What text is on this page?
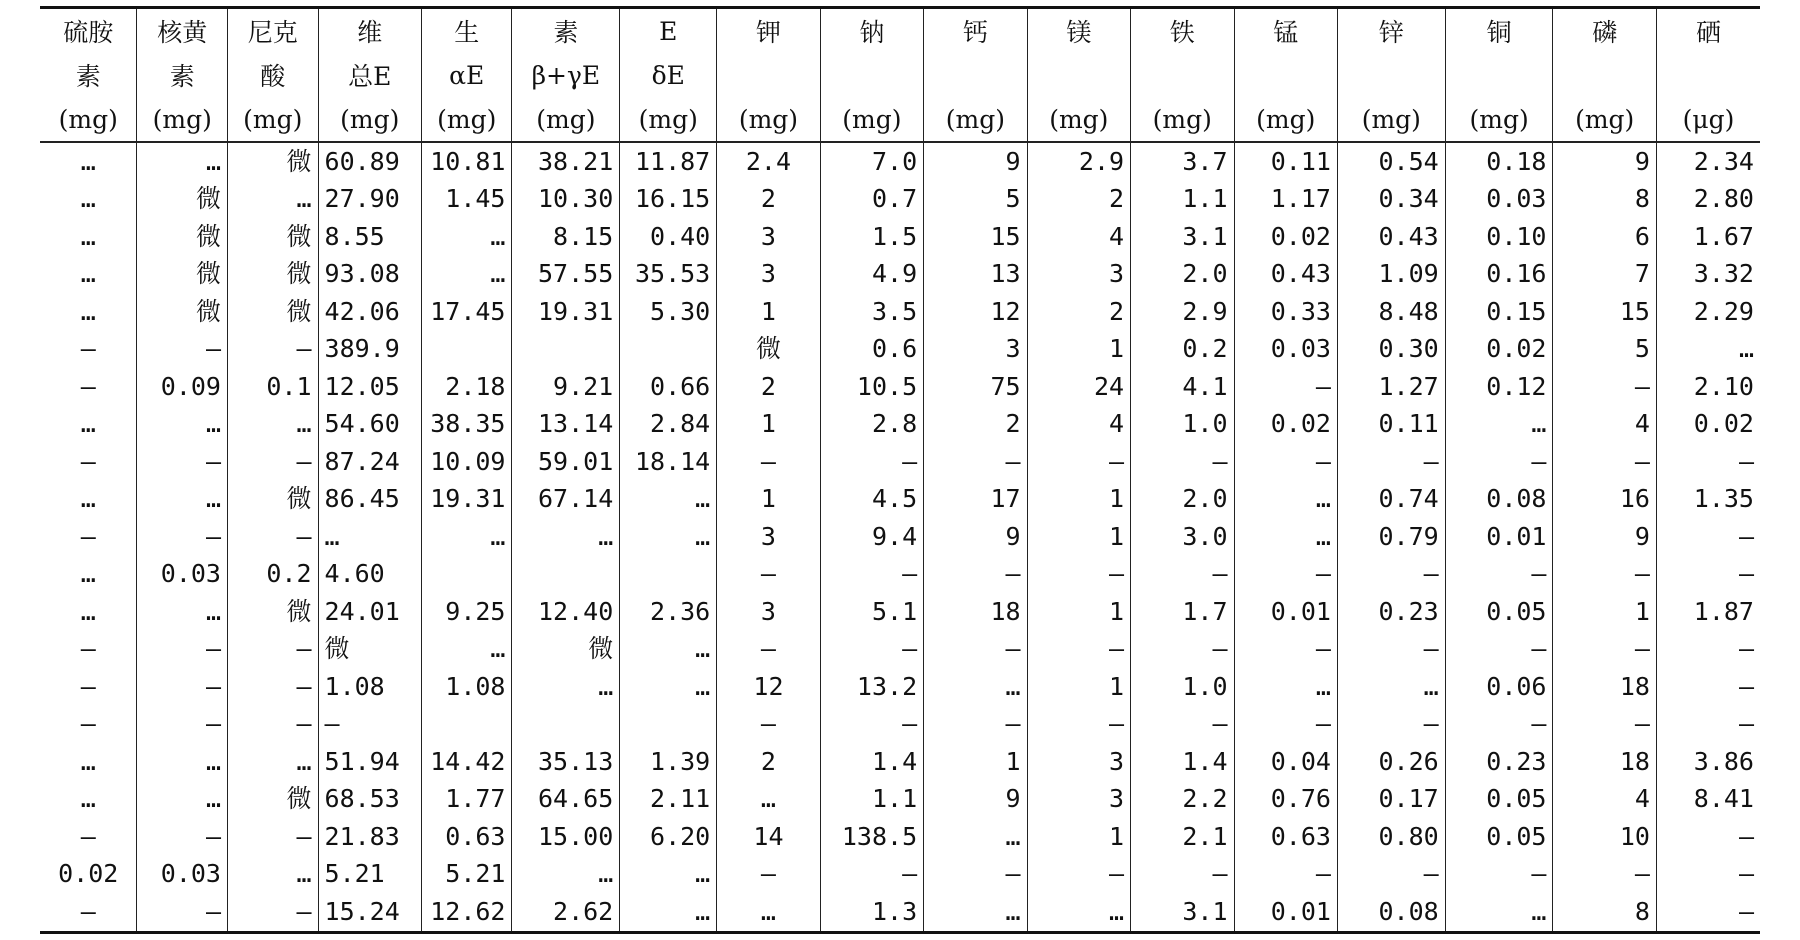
硫胺	核黄	尼克	维	生	素	E	钾	钠	钙	镁	铁	锰	锌	铜	磷	硒
素	素	酸	总E	αE	β+γE	δE										
(mg)	(mg)	(mg)	(mg)	(mg)	(mg)	(mg)	(mg)	(mg)	(mg)	(mg)	(mg)	(mg)	(mg)	(mg)	(mg)	(μg)
…	…	微	60.89	10.81	38.21	11.87	2.4	7.0	9	2.9	3.7	0.11	0.54	0.18	9	2.34
…	微	…	27.90	1.45	10.30	16.15	2	0.7	5	2	1.1	1.17	0.34	0.03	8	2.80
…	微	微	8.55	…	8.15	0.40	3	1.5	15	4	3.1	0.02	0.43	0.10	6	1.67
…	微	微	93.08	…	57.55	35.53	3	4.9	13	3	2.0	0.43	1.09	0.16	7	3.32
…	微	微	42.06	17.45	19.31	5.30	1	3.5	12	2	2.9	0.33	8.48	0.15	15	2.29
—	—	—	389.9				微	0.6	3	1	0.2	0.03	0.30	0.02	5	…
—	0.09	0.1	12.05	2.18	9.21	0.66	2	10.5	75	24	4.1	—	1.27	0.12	—	2.10
…	…	…	54.60	38.35	13.14	2.84	1	2.8	2	4	1.0	0.02	0.11	…	4	0.02
—	—	—	87.24	10.09	59.01	18.14	—	—	—	—	—	—	—	—	—	—
…	…	微	86.45	19.31	67.14	…	1	4.5	17	1	2.0	…	0.74	0.08	16	1.35
—	—	—	…	…	…	…	3	9.4	9	1	3.0	…	0.79	0.01	9	—
…	0.03	0.2	4.60				—	—	—	—	—	—	—	—	—	—
…	…	微	24.01	9.25	12.40	2.36	3	5.1	18	1	1.7	0.01	0.23	0.05	1	1.87
—	—	—	微	…	微	…	—	—	—	—	—	—	—	—	—	—
—	—	—	1.08	1.08	…	…	12	13.2	…	1	1.0	…	…	0.06	18	—
—	—	—	—				—	—	—	—	—	—	—	—	—	—
…	…	…	51.94	14.42	35.13	1.39	2	1.4	1	3	1.4	0.04	0.26	0.23	18	3.86
…	…	微	68.53	1.77	64.65	2.11	…	1.1	9	3	2.2	0.76	0.17	0.05	4	8.41
—	—	—	21.83	0.63	15.00	6.20	14	138.5	…	1	2.1	0.63	0.80	0.05	10	—
0.02	0.03	…	5.21	5.21	…	…	—	—	—	—	—	—	—	—	—	—
—	—	—	15.24	12.62	2.62	…	…	1.3	…	…	3.1	0.01	0.08	…	8	—
